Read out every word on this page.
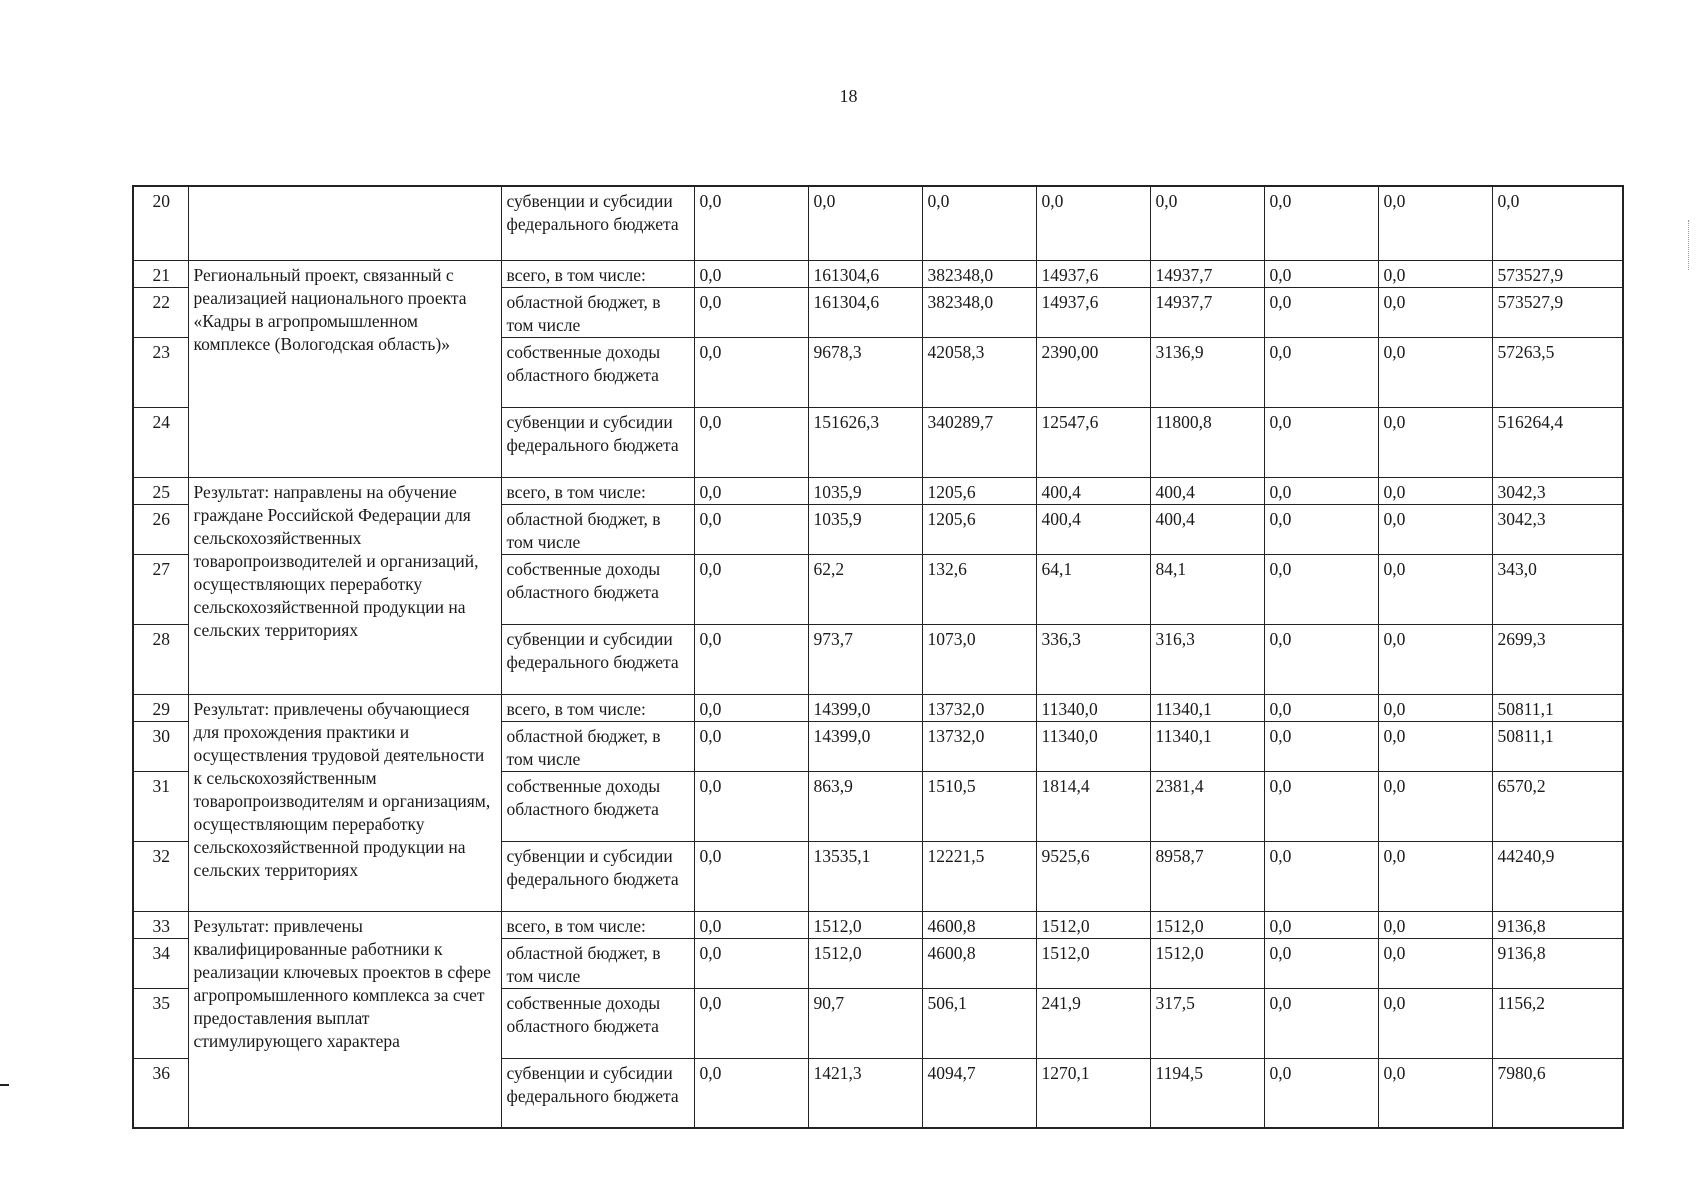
18
20		субвенции и субсидии федерального бюджета	0,0	0,0	0,0	0,0	0,0	0,0	0,0	0,0
21	Региональный проект, связанный с реализацией национального проекта «Кадры в агропромышленном комплексе (Вологодская область)»	всего, в том числе:	0,0	161304,6	382348,0	14937,6	14937,7	0,0	0,0	573527,9
22		областной бюджет, в том числе	0,0	161304,6	382348,0	14937,6	14937,7	0,0	0,0	573527,9
23		собственные доходы областного бюджета	0,0	9678,3	42058,3	2390,00	3136,9	0,0	0,0	57263,5
24		субвенции и субсидии федерального бюджета	0,0	151626,3	340289,7	12547,6	11800,8	0,0	0,0	516264,4
25	Результат: направлены на обучение граждане Российской Федерации для сельскохозяйственных товаропроизводителей и организаций, осуществляющих переработку сельскохозяйственной продукции на сельских территориях	всего, в том числе:	0,0	1035,9	1205,6	400,4	400,4	0,0	0,0	3042,3
26		областной бюджет, в том числе	0,0	1035,9	1205,6	400,4	400,4	0,0	0,0	3042,3
27		собственные доходы областного бюджета	0,0	62,2	132,6	64,1	84,1	0,0	0,0	343,0
28		субвенции и субсидии федерального бюджета	0,0	973,7	1073,0	336,3	316,3	0,0	0,0	2699,3
29	Результат: привлечены обучающиеся для прохождения практики и осуществления трудовой деятельности к сельскохозяйственным товаропроизводителям и организациям, осуществляющим переработку сельскохозяйственной продукции на сельских территориях	всего, в том числе:	0,0	14399,0	13732,0	11340,0	11340,1	0,0	0,0	50811,1
30		областной бюджет, в том числе	0,0	14399,0	13732,0	11340,0	11340,1	0,0	0,0	50811,1
31		собственные доходы областного бюджета	0,0	863,9	1510,5	1814,4	2381,4	0,0	0,0	6570,2
32		субвенции и субсидии федерального бюджета	0,0	13535,1	12221,5	9525,6	8958,7	0,0	0,0	44240,9
33	Результат: привлечены квалифицированные работники к реализации ключевых проектов в сфере агропромышленного комплекса за счет предоставления выплат стимулирующего характера	всего, в том числе:	0,0	1512,0	4600,8	1512,0	1512,0	0,0	0,0	9136,8
34		областной бюджет, в том числе	0,0	1512,0	4600,8	1512,0	1512,0	0,0	0,0	9136,8
35		собственные доходы областного бюджета	0,0	90,7	506,1	241,9	317,5	0,0	0,0	1156,2
36		субвенции и субсидии федерального бюджета	0,0	1421,3	4094,7	1270,1	1194,5	0,0	0,0	7980,6
